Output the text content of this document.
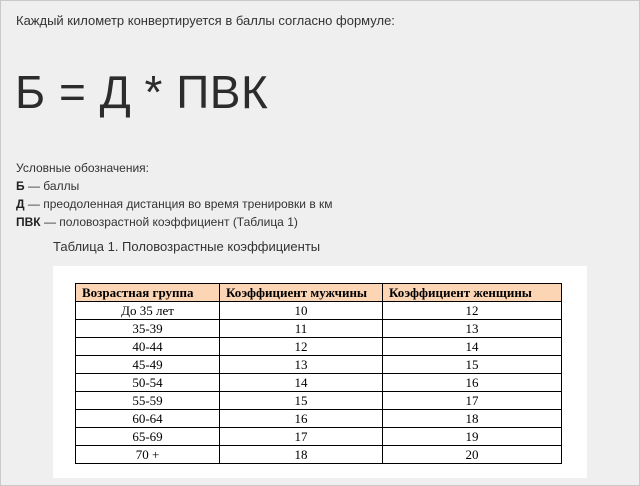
Каждый километр конвертируется в баллы согласно формуле:
Б = Д * ПВК
Условные обозначения:
Б — баллы
Д — преодоленная дистанция во время тренировки в км
ПВК — половозрастной коэффициент (Таблица 1)
Таблица 1. Половозрастные коэффициенты
Возрастная группа	Коэффициент мужчины	Коэффициент женщины
До 35 лет	10	12
35-39	11	13
40-44	12	14
45-49	13	15
50-54	14	16
55-59	15	17
60-64	16	18
65-69	17	19
70 +	18	20
